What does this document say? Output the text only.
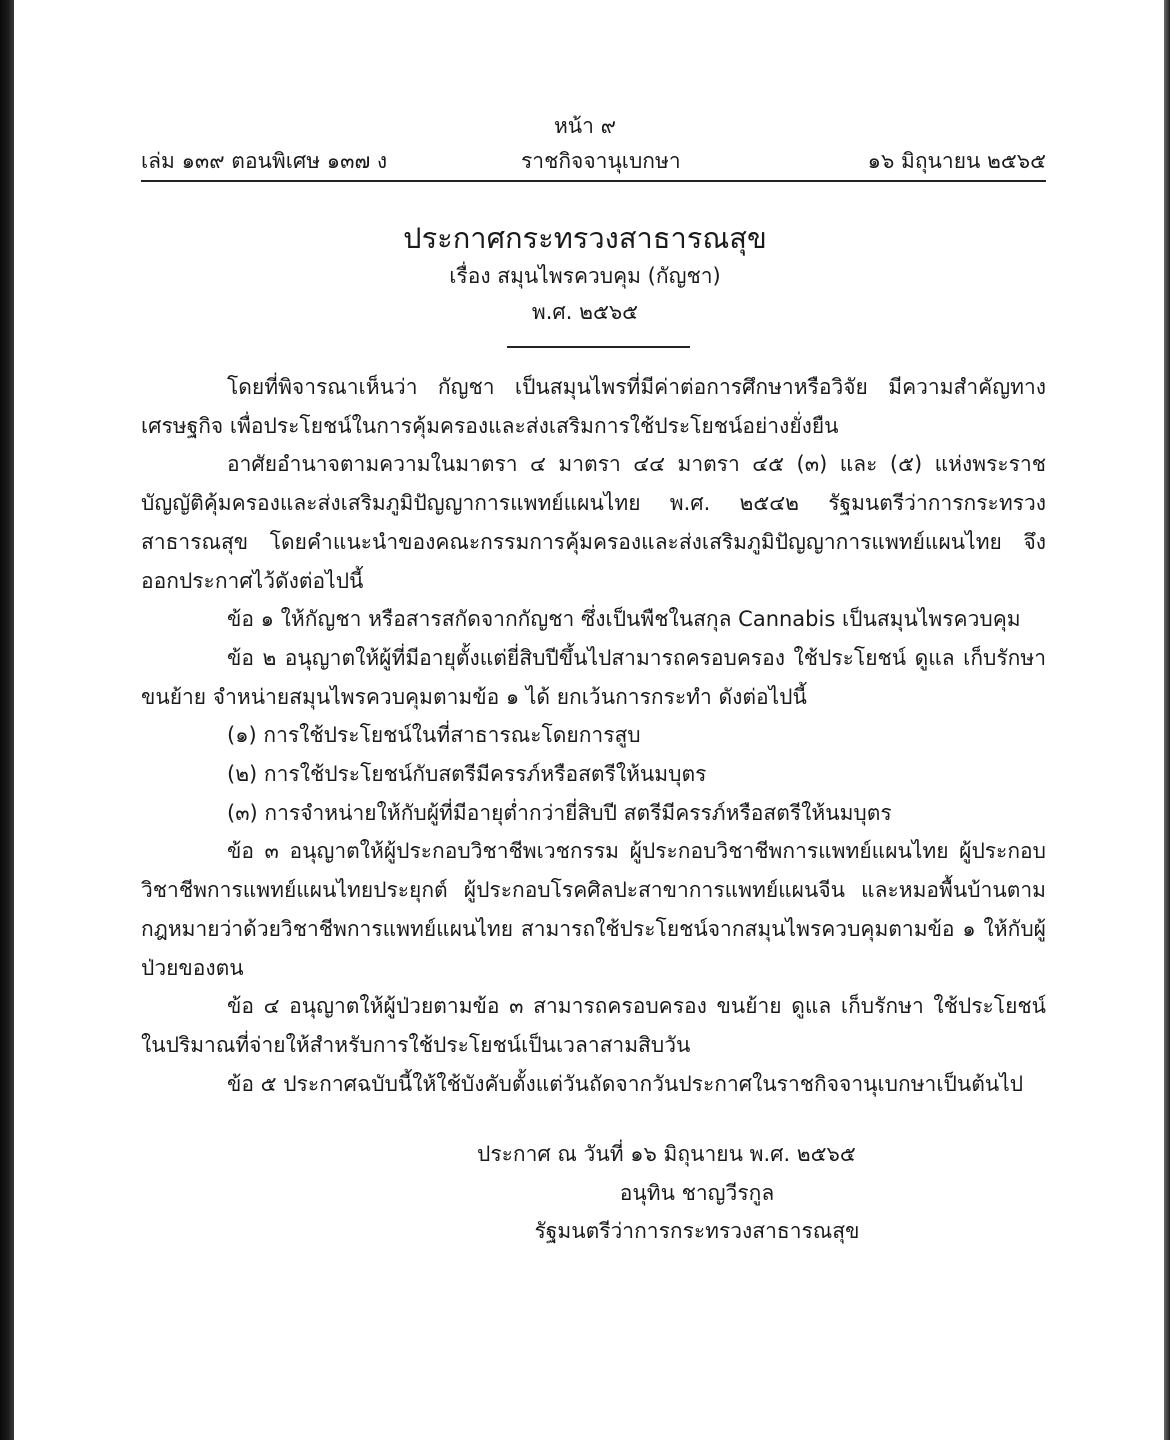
หน้า ๙
เล่ม ๑๓๙ ตอนพิเศษ ๑๓๗ ง	ราชกิจจานุเบกษา	๑๖ มิถุนายน ๒๕๖๕

ประกาศกระทรวงสาธารณสุข

เรื่อง สมุนไพรควบคุม (กัญชา)

พ.ศ. ๒๕๖๕

โดยที่พิจารณาเห็นว่า กัญชา เป็นสมุนไพรที่มีค่าต่อการศึกษาหรือวิจัย มีความสำคัญทางเศรษฐกิจ เพื่อประโยชน์ในการคุ้มครองและส่งเสริมการใช้ประโยชน์อย่างยั่งยืน

อาศัยอำนาจตามความในมาตรา ๔ มาตรา ๔๔ มาตรา ๔๕ (๓) และ (๕) แห่งพระราชบัญญัติคุ้มครองและส่งเสริมภูมิปัญญาการแพทย์แผนไทย พ.ศ. ๒๕๔๒ รัฐมนตรีว่าการกระทรวงสาธารณสุข โดยคำแนะนำของคณะกรรมการคุ้มครองและส่งเสริมภูมิปัญญาการแพทย์แผนไทย จึงออกประกาศไว้ดังต่อไปนี้

ข้อ ๑ ให้กัญชา หรือสารสกัดจากกัญชา ซึ่งเป็นพืชในสกุล Cannabis เป็นสมุนไพรควบคุม

ข้อ ๒ อนุญาตให้ผู้ที่มีอายุตั้งแต่ยี่สิบปีขึ้นไปสามารถครอบครอง ใช้ประโยชน์ ดูแล เก็บรักษา ขนย้าย จำหน่ายสมุนไพรควบคุมตามข้อ ๑ ได้ ยกเว้นการกระทำ ดังต่อไปนี้

(๑) การใช้ประโยชน์ในที่สาธารณะโดยการสูบ

(๒) การใช้ประโยชน์กับสตรีมีครรภ์หรือสตรีให้นมบุตร

(๓) การจำหน่ายให้กับผู้ที่มีอายุต่ำกว่ายี่สิบปี สตรีมีครรภ์หรือสตรีให้นมบุตร

ข้อ ๓ อนุญาตให้ผู้ประกอบวิชาชีพเวชกรรม ผู้ประกอบวิชาชีพการแพทย์แผนไทย ผู้ประกอบวิชาชีพการแพทย์แผนไทยประยุกต์ ผู้ประกอบโรคศิลปะสาขาการแพทย์แผนจีน และหมอพื้นบ้านตามกฎหมายว่าด้วยวิชาชีพการแพทย์แผนไทย สามารถใช้ประโยชน์จากสมุนไพรควบคุมตามข้อ ๑ ให้กับผู้ป่วยของตน

ข้อ ๔ อนุญาตให้ผู้ป่วยตามข้อ ๓ สามารถครอบครอง ขนย้าย ดูแล เก็บรักษา ใช้ประโยชน์ในปริมาณที่จ่ายให้สำหรับการใช้ประโยชน์เป็นเวลาสามสิบวัน

ข้อ ๕ ประกาศฉบับนี้ให้ใช้บังคับตั้งแต่วันถัดจากวันประกาศในราชกิจจานุเบกษาเป็นต้นไป

ประกาศ ณ วันที่ ๑๖ มิถุนายน พ.ศ. ๒๕๖๕

อนุทิน ชาญวีรกูล

รัฐมนตรีว่าการกระทรวงสาธารณสุข
